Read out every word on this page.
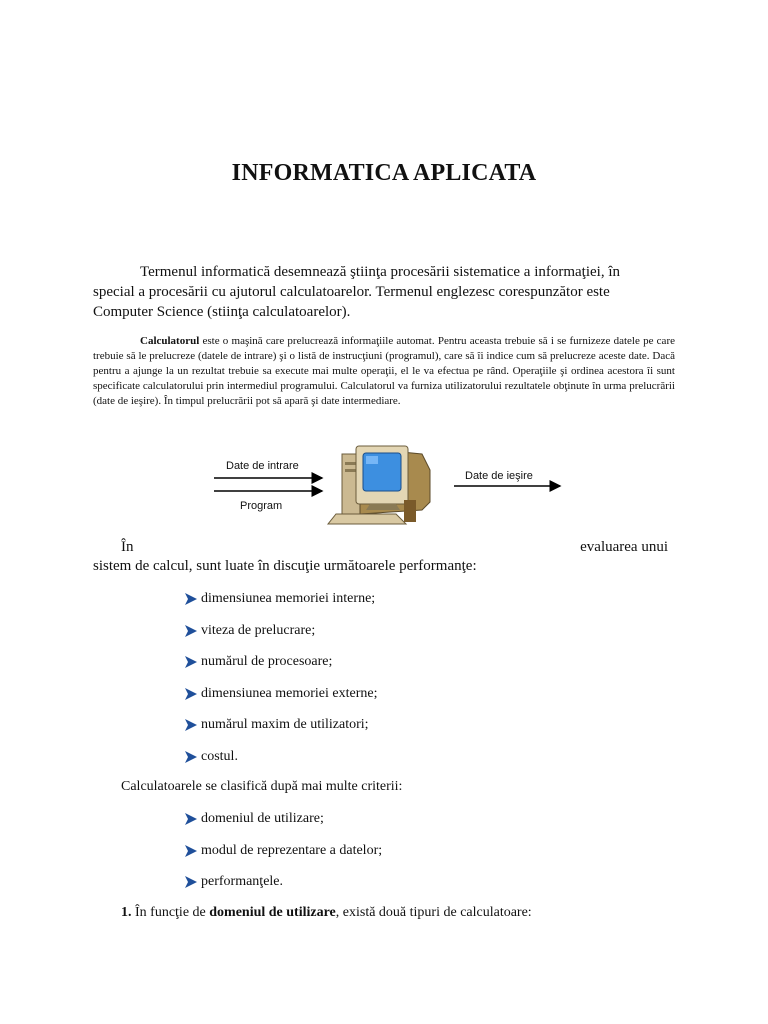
INFORMATICA APLICATA
Termenul informatică desemnează ştiinţa procesării sistematice a informaţiei, în
special a procesării cu ajutorul calculatoarelor. Termenul englezesc corespunzător este
Computer Science (stiinţa calculatoarelor).
Calculatorul este o maşină care prelucrează informaţiile automat. Pentru aceasta trebuie să i se furnizeze datele pe care trebuie să le prelucreze (datele de intrare) şi o listă de instrucţiuni (programul), care să îi indice cum să prelucreze aceste date. Dacă pentru a ajunge la un rezultat trebuie sa execute mai multe operaţii, el le va efectua pe rând. Operaţiile şi ordinea acestora îi sunt specificate calculatorului prin intermediul programului. Calculatorul va furniza utilizatorului rezultatele obţinute în urma prelucrării (date de ieşire). În timpul prelucrării pot să apară şi date intermediare.
Date de intrare
Program
Date de ieşire
În	evaluarea unui
sistem de calcul, sunt luate în discuţie următoarele performanţe:
dimensiunea memoriei interne;
viteza de prelucrare;
numărul de procesoare;
dimensiunea memoriei externe;
numărul maxim de utilizatori;
costul.
Calculatoarele se clasifică după mai multe criterii:
domeniul de utilizare;
modul de reprezentare a datelor;
performanţele.
1. În funcţie de domeniul de utilizare, există două tipuri de calculatoare:
